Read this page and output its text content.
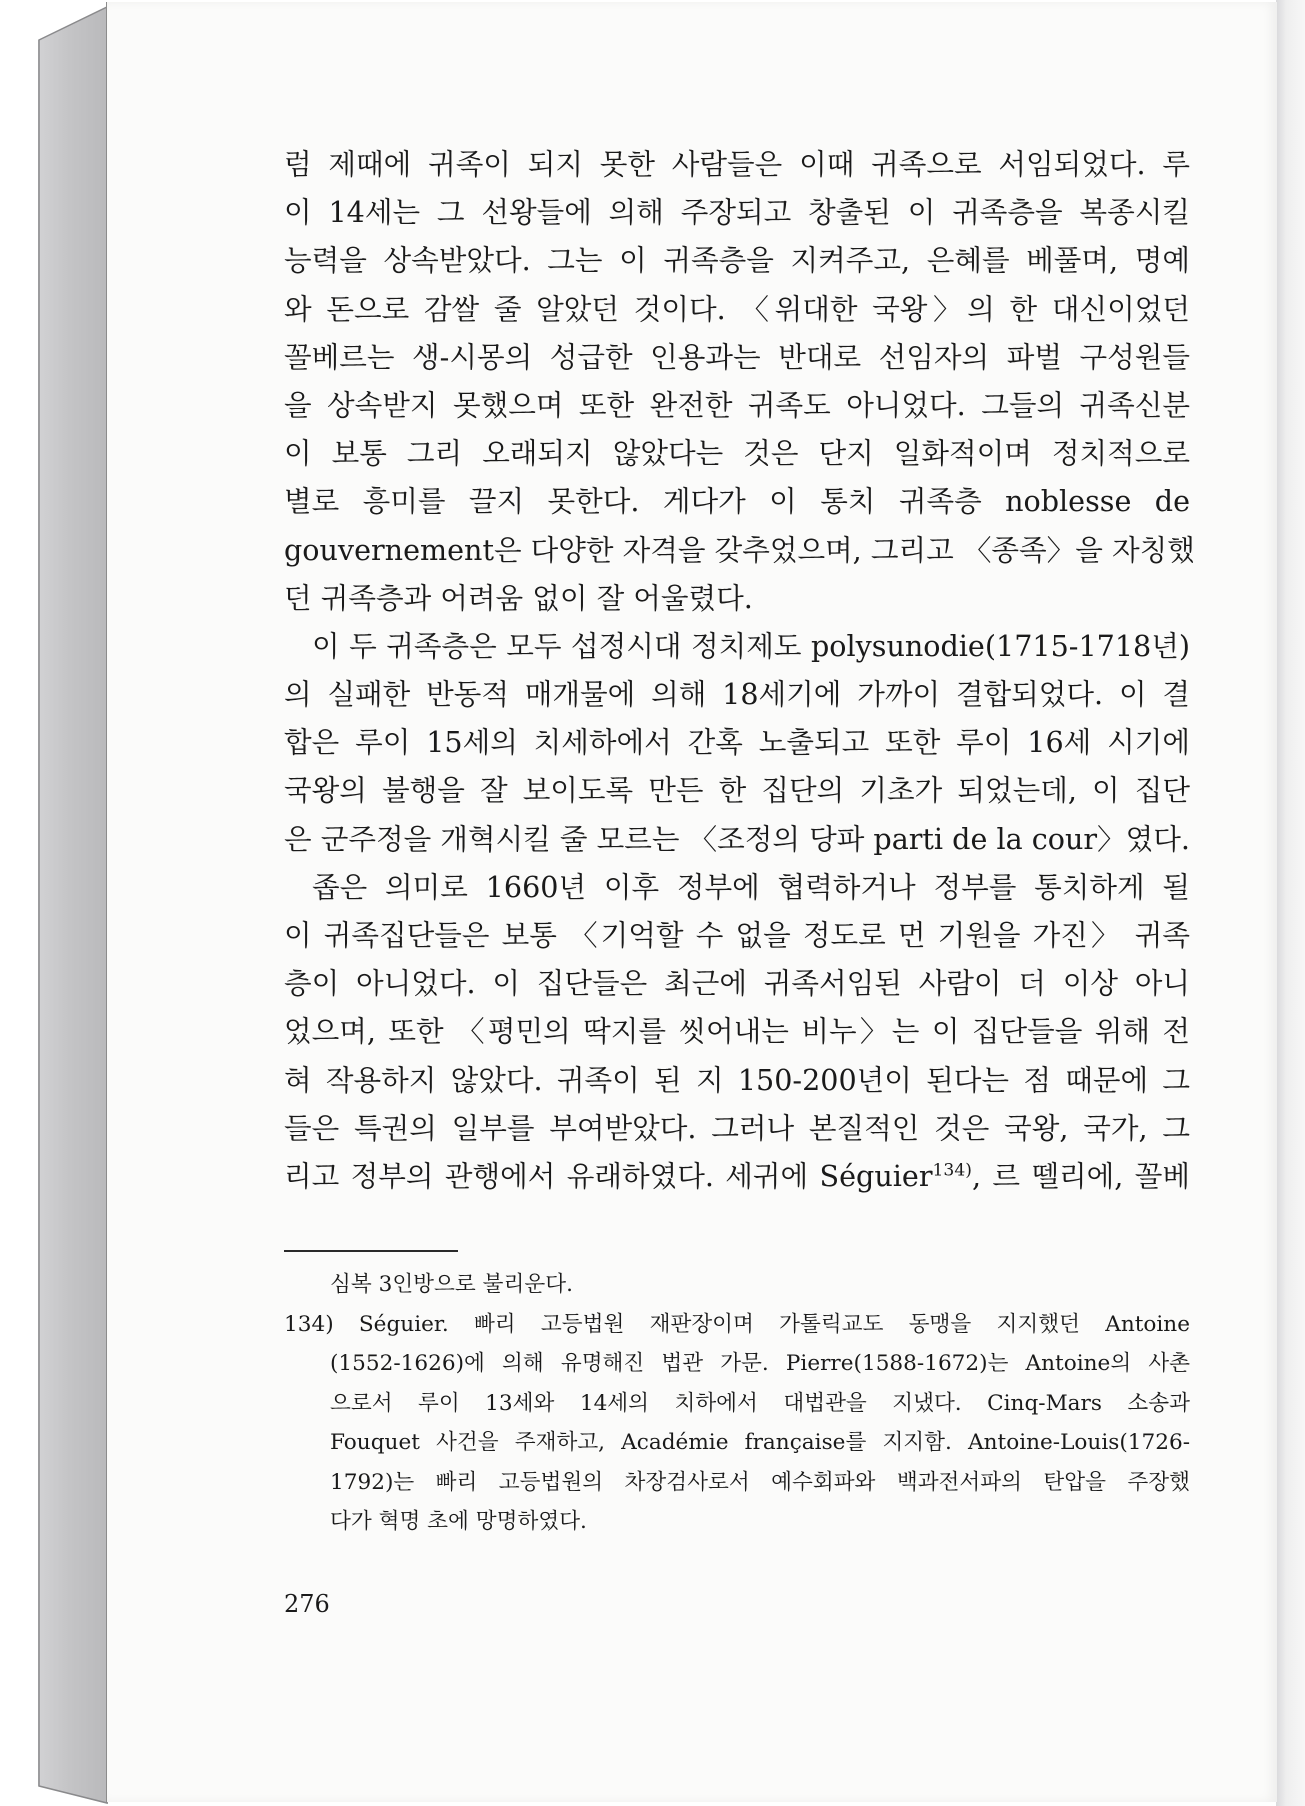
럼 제때에 귀족이 되지 못한 사람들은 이때 귀족으로 서임되었다. 루
이 14세는 그 선왕들에 의해 주장되고 창출된 이 귀족층을 복종시킬
능력을 상속받았다. 그는 이 귀족층을 지켜주고, 은혜를 베풀며, 명예
와 돈으로 감쌀 줄 알았던 것이다. 〈위대한 국왕〉의 한 대신이었던
꼴베르는 생-시몽의 성급한 인용과는 반대로 선임자의 파벌 구성원들
을 상속받지 못했으며 또한 완전한 귀족도 아니었다. 그들의 귀족신분
이 보통 그리 오래되지 않았다는 것은 단지 일화적이며 정치적으로
별로 흥미를 끌지 못한다. 게다가 이 통치 귀족층 noblesse de
gouvernement은 다양한 자격을 갖추었으며, 그리고 〈종족〉을 자칭했
던 귀족층과 어려움 없이 잘 어울렸다.
이 두 귀족층은 모두 섭정시대 정치제도 polysunodie(1715-1718년)
의 실패한 반동적 매개물에 의해 18세기에 가까이 결합되었다. 이 결
합은 루이 15세의 치세하에서 간혹 노출되고 또한 루이 16세 시기에
국왕의 불행을 잘 보이도록 만든 한 집단의 기초가 되었는데, 이 집단
은 군주정을 개혁시킬 줄 모르는 〈조정의 당파 parti de la cour〉였다.
좁은 의미로 1660년 이후 정부에 협력하거나 정부를 통치하게 될
이 귀족집단들은 보통 〈기억할 수 없을 정도로 먼 기원을 가진〉 귀족
층이 아니었다. 이 집단들은 최근에 귀족서임된 사람이 더 이상 아니
었으며, 또한 〈평민의 딱지를 씻어내는 비누〉는 이 집단들을 위해 전
혀 작용하지 않았다. 귀족이 된 지 150-200년이 된다는 점 때문에 그
들은 특권의 일부를 부여받았다. 그러나 본질적인 것은 국왕, 국가, 그
리고 정부의 관행에서 유래하였다. 세귀에 Séguier$^{134)}$, 르 뗄리에, 꼴베
심복 3인방으로 불리운다.
134) Séguier. 빠리 고등법원 재판장이며 가톨릭교도 동맹을 지지했던 Antoine
(1552-1626)에 의해 유명해진 법관 가문. Pierre(1588-1672)는 Antoine의 사촌
으로서 루이 13세와 14세의 치하에서 대법관을 지냈다. Cinq-Mars 소송과
Fouquet 사건을 주재하고, Académie française를 지지함. Antoine-Louis(1726-
1792)는 빠리 고등법원의 차장검사로서 예수회파와 백과전서파의 탄압을 주장했
다가 혁명 초에 망명하였다.
276
